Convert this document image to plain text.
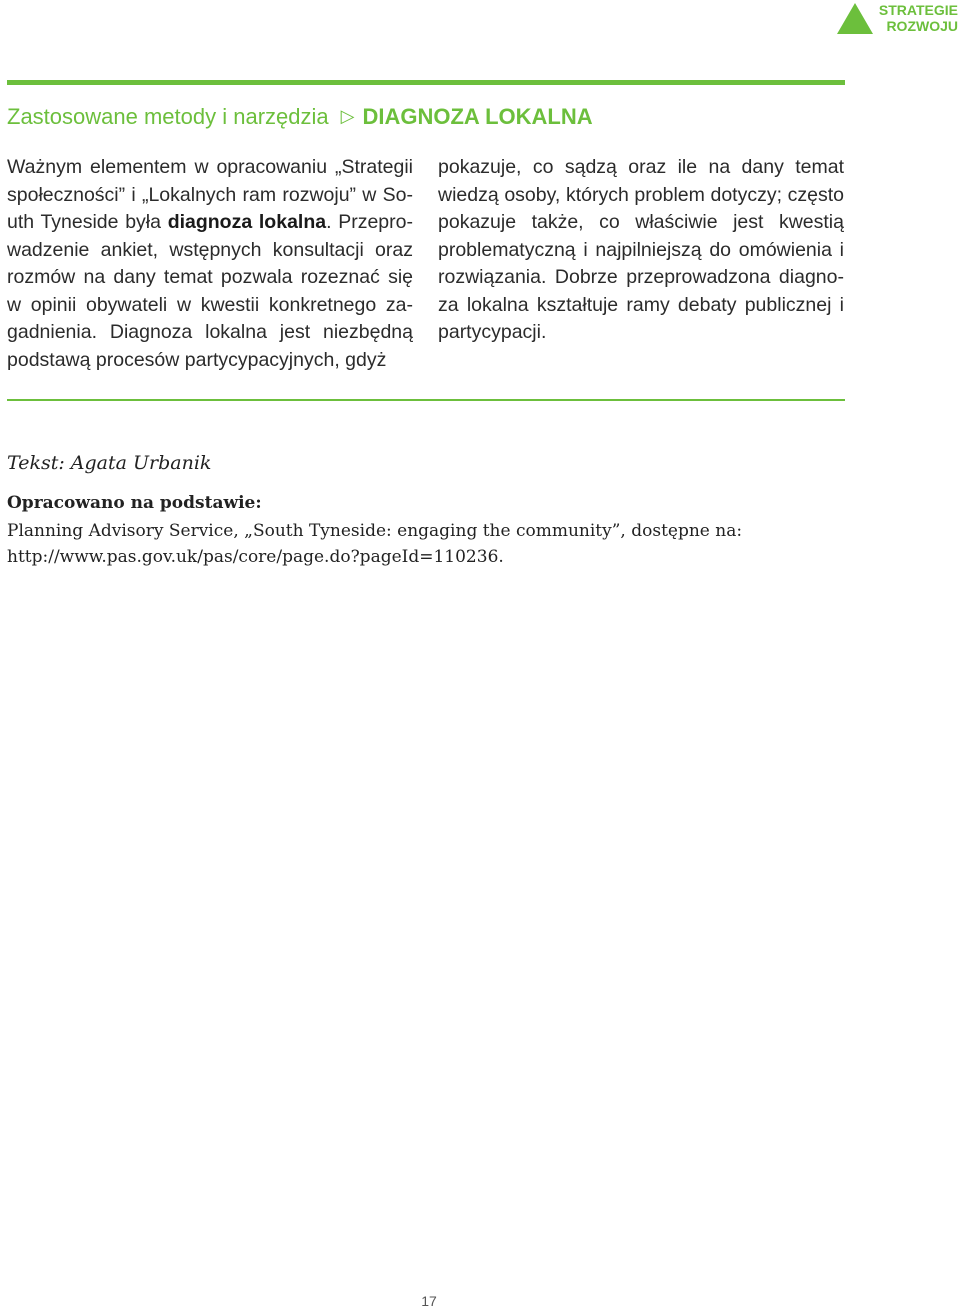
STRATEGIE
ROZWOJU
Zastosowane metody i narzędzia ▷ DIAGNOZA LOKALNA
Ważnym elementem w opracowaniu „Strategii społeczności” i „Lokalnych ram rozwoju” w South Tyneside była diagnoza lokalna. Przeprowadzenie ankiet, wstępnych konsultacji oraz rozmów na dany temat pozwala rozeznać się w opinii obywateli w kwestii konkretnego zagadnienia. Diagnoza lokalna jest niezbędną podstawą procesów partycypacyjnych, gdyż
pokazuje, co sądzą oraz ile na dany temat wiedzą osoby, których problem dotyczy; często pokazuje także, co właściwie jest kwestią problematyczną i najpilniejszą do omówienia i rozwiązania. Dobrze przeprowadzona diagnoza lokalna kształtuje ramy debaty publicznej i partycypacji.
Tekst: Agata Urbanik
Opracowano na podstawie:
Planning Advisory Service, „South Tyneside: engaging the community”, dostępne na:
http://www.pas.gov.uk/pas/core/page.do?pageId=110236.
17
